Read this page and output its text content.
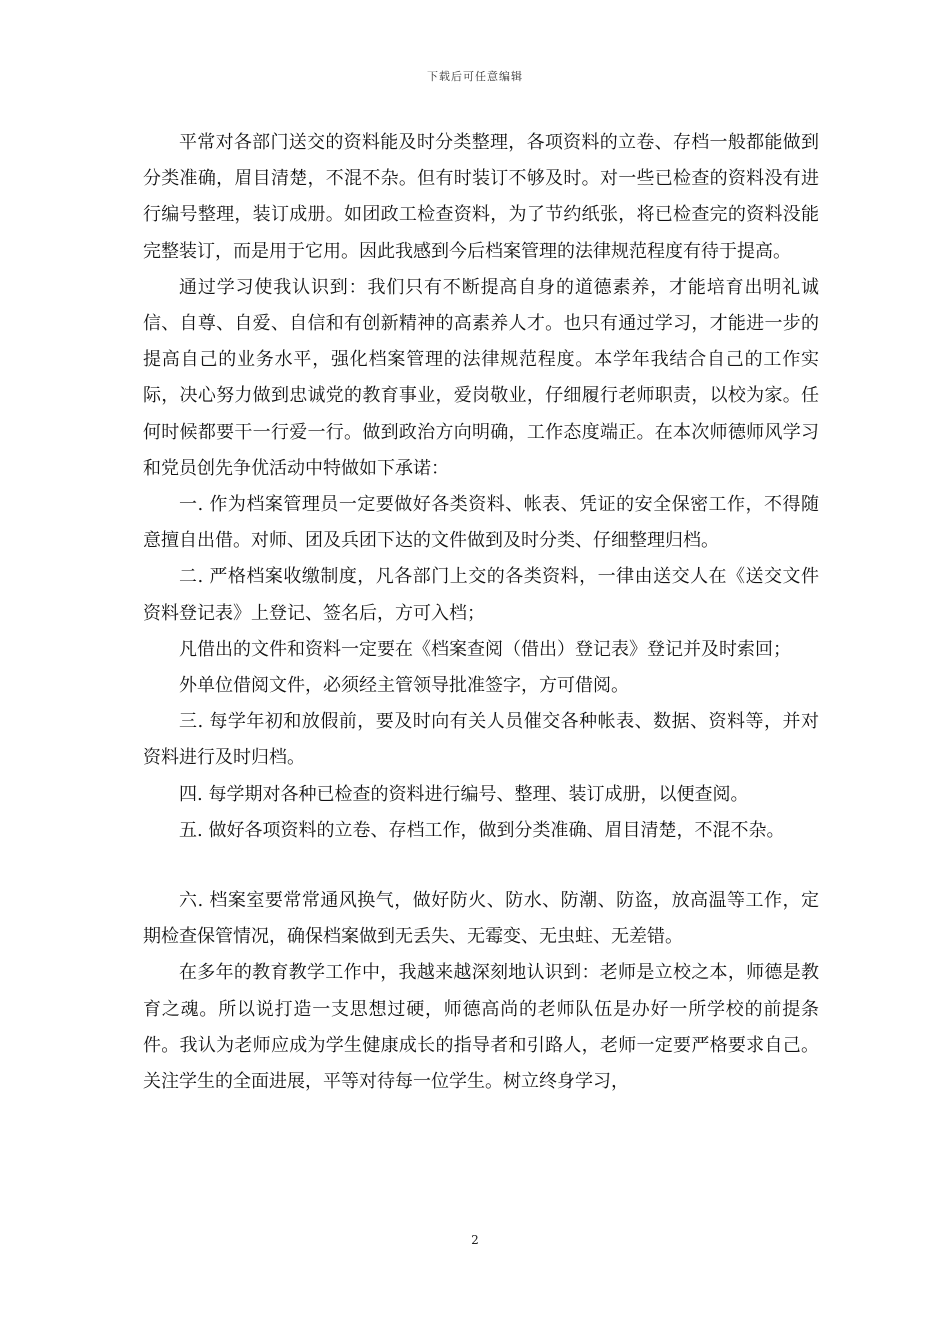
下载后可任意编辑

平常对各部门送交的资料能及时分类整理，各项资料的立卷、存档一般都能做到分类准确，眉目清楚，不混不杂。但有时装订不够及时。对一些已检查的资料没有进行编号整理，装订成册。如团政工检查资料，为了节约纸张，将已检查完的资料没能完整装订，而是用于它用。因此我感到今后档案管理的法律规范程度有待于提高。

通过学习使我认识到：我们只有不断提高自身的道德素养，才能培育出明礼诚信、自尊、自爱、自信和有创新精神的高素养人才。也只有通过学习，才能进一步的提高自己的业务水平，强化档案管理的法律规范程度。本学年我结合自己的工作实际，决心努力做到忠诚党的教育事业，爱岗敬业，仔细履行老师职责，以校为家。任何时候都要干一行爱一行。做到政治方向明确，工作态度端正。在本次师德师风学习和党员创先争优活动中特做如下承诺：

一. 作为档案管理员一定要做好各类资料、帐表、凭证的安全保密工作，不得随意擅自出借。对师、团及兵团下达的文件做到及时分类、仔细整理归档。

二. 严格档案收缴制度，凡各部门上交的各类资料，一律由送交人在《送交文件资料登记表》上登记、签名后，方可入档；

凡借出的文件和资料一定要在《档案查阅（借出）登记表》登记并及时索回；

外单位借阅文件，必须经主管领导批准签字，方可借阅。

三. 每学年初和放假前，要及时向有关人员催交各种帐表、数据、资料等，并对资料进行及时归档。

四. 每学期对各种已检查的资料进行编号、整理、装订成册，以便查阅。

五. 做好各项资料的立卷、存档工作，做到分类准确、眉目清楚，不混不杂。

六. 档案室要常常通风换气，做好防火、防水、防潮、防盗，放高温等工作，定期检查保管情况，确保档案做到无丢失、无霉变、无虫蛀、无差错。

在多年的教育教学工作中，我越来越深刻地认识到：老师是立校之本，师德是教育之魂。所以说打造一支思想过硬，师德高尚的老师队伍是办好一所学校的前提条件。我认为老师应成为学生健康成长的指导者和引路人，老师一定要严格要求自己。关注学生的全面进展，平等对待每一位学生。树立终身学习，

2
